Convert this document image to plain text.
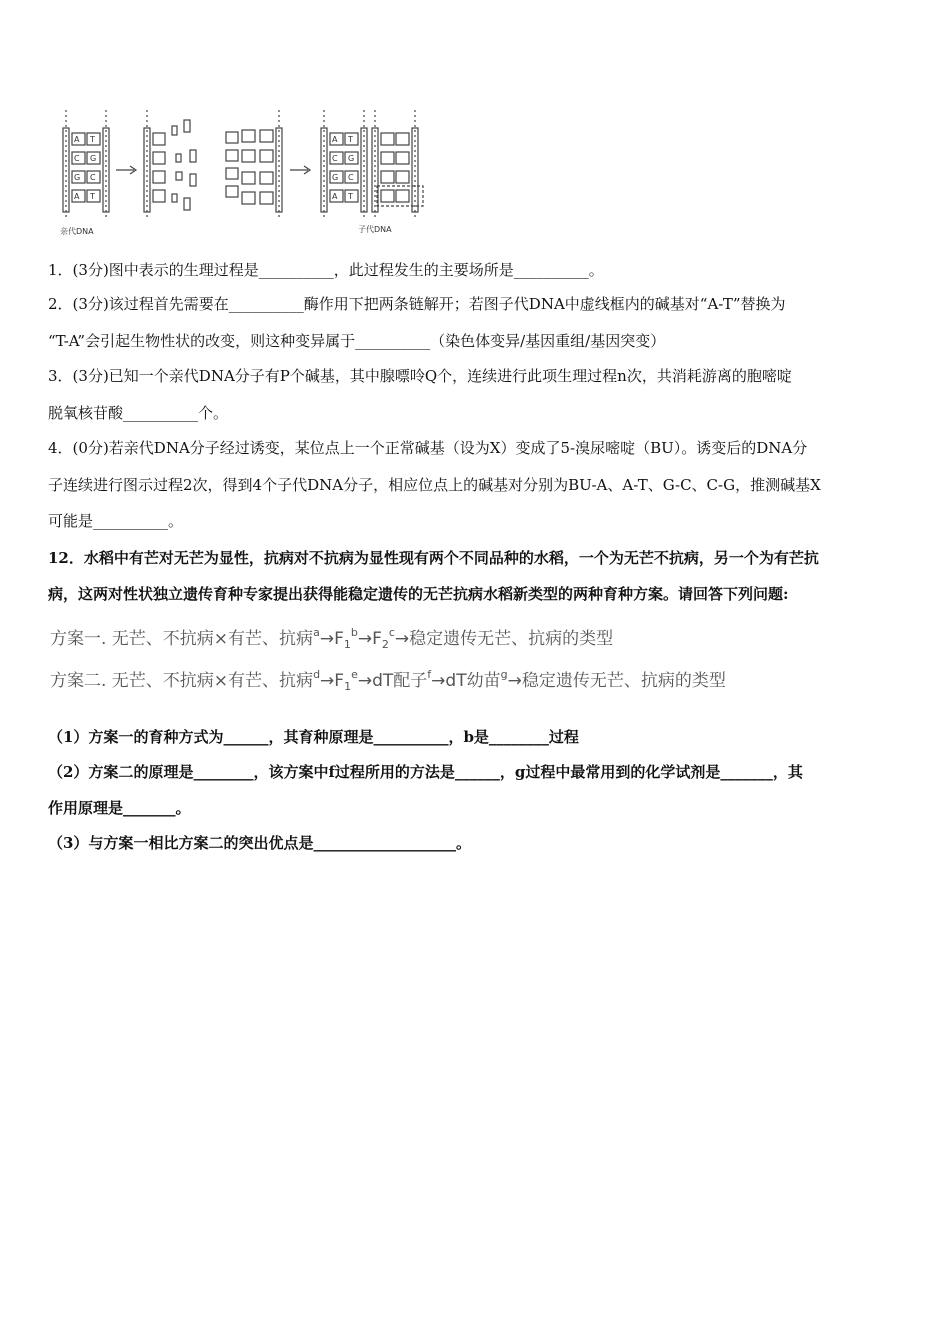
A T
C G
G C
A T
A T
C G
G C
A T
亲代DNA	子代DNA
1．(3分)图中表示的生理过程是__________，此过程发生的主要场所是__________。
2．(3分)该过程首先需要在__________酶作用下把两条链解开；若图子代DNA中虚线框内的碱基对“A-T”替换为
“T-A”会引起生物性状的改变，则这种变异属于__________（染色体变异/基因重组/基因突变）
3．(3分)已知一个亲代DNA分子有P个碱基，其中腺嘌呤Q个，连续进行此项生理过程n次，共消耗游离的胞嘧啶
脱氧核苷酸__________个。
4．(0分)若亲代DNA分子经过诱变，某位点上一个正常碱基（设为X）变成了5-溴尿嘧啶（BU）。诱变后的DNA分
子连续进行图示过程2次，得到4个子代DNA分子，相应位点上的碱基对分别为BU-A、A-T、G-C、C-G，推测碱基X
可能是__________。
12．水稻中有芒对无芒为显性，抗病对不抗病为显性现有两个不同品种的水稻，一个为无芒不抗病，另一个为有芒抗
病，这两对性状独立遗传育种专家提出获得能稳定遗传的无芒抗病水稻新类型的两种育种方案。请回答下列问题:
方案一. 无芒、不抗病×有芒、抗病$^a\to F_1^b\to F_2^c\to$稳定遗传无芒、抗病的类型
方案二. 无芒、不抗病×有芒、抗病$^d\to F_1^e\to dT$配子$^f$→dT幼苗$^g$→稳定遗传无芒、抗病的类型
（1）方案一的育种方式为______，其育种原理是__________，b是________过程
（2）方案二的原理是________，该方案中f过程所用的方法是______，g过程中最常用到的化学试剂是_______，其
作用原理是_______。
（3）与方案一相比方案二的突出优点是___________________。
